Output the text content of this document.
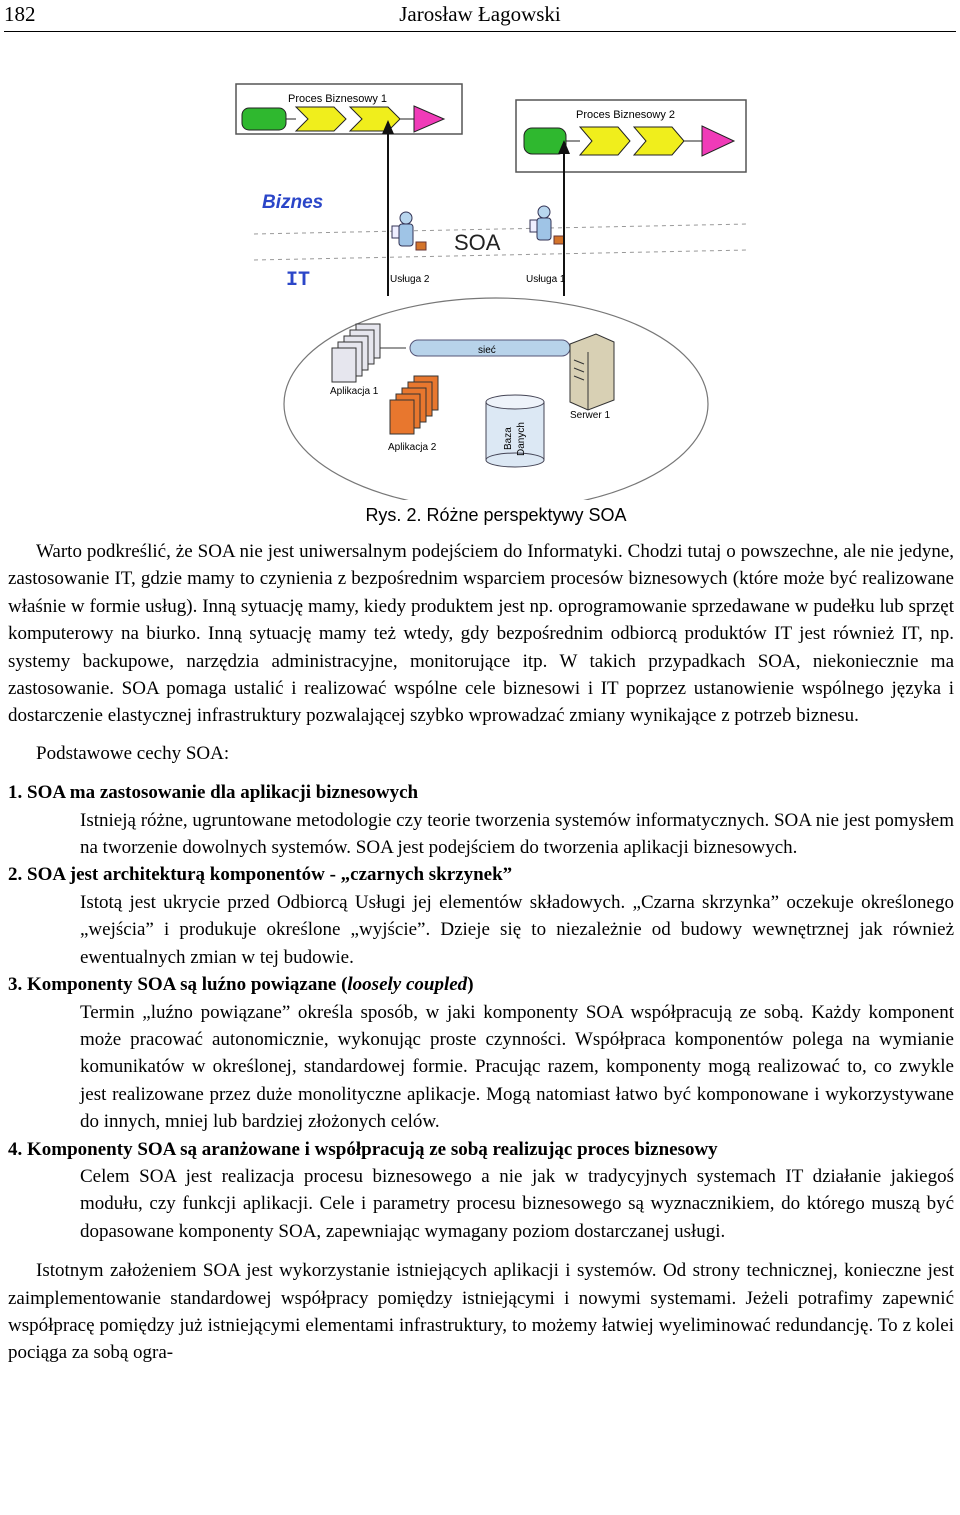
182	Jarosław Łagowski
Proces Biznesowy 1
Proces Biznesowy 2
Biznes
IT
SOA
Usługa 2	Usługa 1
sieć
Aplikacja 1
Aplikacja 2	Baza Danych
Serwer 1
Rys. 2. Różne perspektywy SOA

Warto podkreślić, że SOA nie jest uniwersalnym podejściem do Informatyki. Chodzi tutaj o powszechne, ale nie jedyne, zastosowanie IT, gdzie mamy to czynienia z bezpośrednim wsparciem procesów biznesowych (które może być realizowane właśnie w formie usług). Inną sytuację mamy, kiedy produktem jest np. oprogramowanie sprzedawane w pudełku lub sprzęt komputerowy na biurko. Inną sytuację mamy też wtedy, gdy bezpośrednim odbiorcą produktów IT jest również IT, np. systemy backupowe, narzędzia administracyjne, monitorujące itp. W takich przypadkach SOA, niekoniecznie ma zastosowanie. SOA pomaga ustalić i realizować wspólne cele biznesowi i IT poprzez ustanowienie wspólnego języka i dostarczenie elastycznej infrastruktury pozwalającej szybko wprowadzać zmiany wynikające z potrzeb biznesu.

Podstawowe cechy SOA:

1. SOA ma zastosowanie dla aplikacji biznesowych

Istnieją różne, ugruntowane metodologie czy teorie tworzenia systemów informatycznych. SOA nie jest pomysłem na tworzenie dowolnych systemów. SOA jest podejściem do tworzenia aplikacji biznesowych.

2. SOA jest architekturą komponentów - „czarnych skrzynek”

Istotą jest ukrycie przed Odbiorcą Usługi jej elementów składowych. „Czarna skrzynka” oczekuje określonego „wejścia” i produkuje określone „wyjście”. Dzieje się to niezależnie od budowy wewnętrznej jak również ewentualnych zmian w tej budowie.

3. Komponenty SOA są luźno powiązane (loosely coupled)

Termin „luźno powiązane” określa sposób, w jaki komponenty SOA współpracują ze sobą. Każdy komponent może pracować autonomicznie, wykonując proste czynności. Współpraca komponentów polega na wymianie komunikatów w określonej, standardowej formie. Pracując razem, komponenty mogą realizować to, co zwykle jest realizowane przez duże monolityczne aplikacje. Mogą natomiast łatwo być komponowane i wykorzystywane do innych, mniej lub bardziej złożonych celów.

4. Komponenty SOA są aranżowane i współpracują ze sobą realizując proces biznesowy

Celem SOA jest realizacja procesu biznesowego a nie jak w tradycyjnych systemach IT działanie jakiegoś modułu, czy funkcji aplikacji. Cele i parametry procesu biznesowego są wyznacznikiem, do którego muszą być dopasowane komponenty SOA, zapewniając wymagany poziom dostarczanej usługi.

Istotnym założeniem SOA jest wykorzystanie istniejących aplikacji i systemów. Od strony technicznej, konieczne jest zaimplementowanie standardowej współpracy pomiędzy istniejącymi i nowymi systemami. Jeżeli potrafimy zapewnić współpracę pomiędzy już istniejącymi elementami infrastruktury, to możemy łatwiej wyeliminować redundancję. To z kolei pociąga za sobą ogra-
